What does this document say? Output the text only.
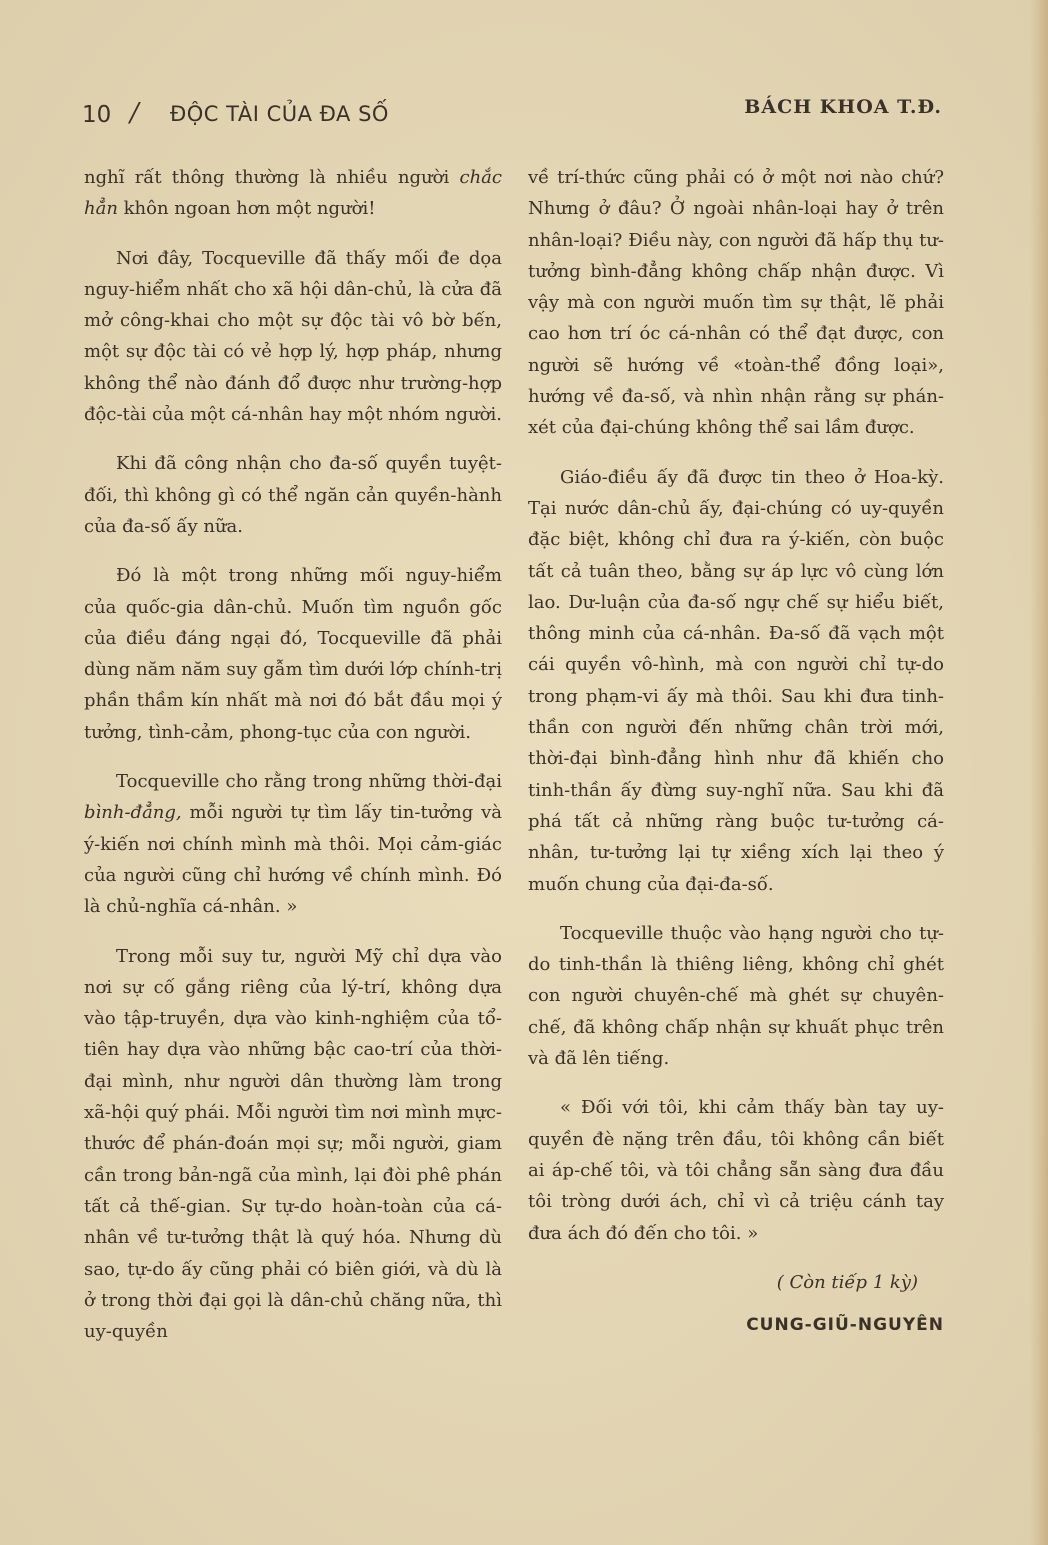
10 / ĐỘC TÀI CỦA ĐA SỐ	BÁCH KHOA T.Đ.

nghĩ rất thông thường là nhiều người chắc hẳn khôn ngoan hơn một người!

Nơi đây, Tocqueville đã thấy mối đe dọa nguy-hiểm nhất cho xã hội dân-chủ, là cửa đã mở công-khai cho một sự độc tài vô bờ bến, một sự độc tài có vẻ hợp lý, hợp pháp, nhưng không thể nào đánh đổ được như trường-hợp độc-tài của một cá-nhân hay một nhóm người.

Khi đã công nhận cho đa-số quyền tuyệt-đối, thì không gì có thể ngăn cản quyền-hành của đa-số ấy nữa.

Đó là một trong những mối nguy-hiểm của quốc-gia dân-chủ. Muốn tìm nguồn gốc của điều đáng ngại đó, Tocqueville đã phải dùng năm năm suy gẫm tìm dưới lớp chính-trị phần thầm kín nhất mà nơi đó bắt đầu mọi ý tưởng, tình-cảm, phong-tục của con người.

Tocqueville cho rằng trong những thời-đại bình-đẳng, mỗi người tự tìm lấy tin-tưởng và ý-kiến nơi chính mình mà thôi. Mọi cảm-giác của người cũng chỉ hướng về chính mình. Đó là chủ-nghĩa cá-nhân. »

Trong mỗi suy tư, người Mỹ chỉ dựa vào nơi sự cố gắng riêng của lý-trí, không dựa vào tập-truyền, dựa vào kinh-nghiệm của tổ-tiên hay dựa vào những bậc cao-trí của thời-đại mình, như người dân thường làm trong xã-hội quý phái. Mỗi người tìm nơi mình mực-thước để phán-đoán mọi sự; mỗi người, giam cần trong bản-ngã của mình, lại đòi phê phán tất cả thế-gian. Sự tự-do hoàn-toàn của cá-nhân về tư-tưởng thật là quý hóa. Nhưng dù sao, tự-do ấy cũng phải có biên giới, và dù là ở trong thời đại gọi là dân-chủ chăng nữa, thì uy-quyền

về trí-thức cũng phải có ở một nơi nào chứ? Nhưng ở đâu? Ở ngoài nhân-loại hay ở trên nhân-loại? Điều này, con người đã hấp thụ tư-tưởng bình-đẳng không chấp nhận được. Vì vậy mà con người muốn tìm sự thật, lẽ phải cao hơn trí óc cá-nhân có thể đạt được, con người sẽ hướng về «toàn-thể đồng loại», hướng về đa-số, và nhìn nhận rằng sự phán-xét của đại-chúng không thể sai lầm được.

Giáo-điều ấy đã được tin theo ở Hoa-kỳ. Tại nước dân-chủ ấy, đại-chúng có uy-quyền đặc biệt, không chỉ đưa ra ý-kiến, còn buộc tất cả tuân theo, bằng sự áp lực vô cùng lớn lao. Dư-luận của đa-số ngự chế sự hiểu biết, thông minh của cá-nhân. Đa-số đã vạch một cái quyền vô-hình, mà con người chỉ tự-do trong phạm-vi ấy mà thôi. Sau khi đưa tinh-thần con người đến những chân trời mới, thời-đại bình-đẳng hình như đã khiến cho tinh-thần ấy đừng suy-nghĩ nữa. Sau khi đã phá tất cả những ràng buộc tư-tưởng cá-nhân, tư-tưởng lại tự xiềng xích lại theo ý muốn chung của đại-đa-số.

Tocqueville thuộc vào hạng người cho tự-do tinh-thần là thiêng liêng, không chỉ ghét con người chuyên-chế mà ghét sự chuyên-chế, đã không chấp nhận sự khuất phục trên và đã lên tiếng.

« Đối với tôi, khi cảm thấy bàn tay uy-quyền đè nặng trên đầu, tôi không cần biết ai áp-chế tôi, và tôi chẳng sẵn sàng đưa đầu tôi tròng dưới ách, chỉ vì cả triệu cánh tay đưa ách đó đến cho tôi. »

( Còn tiếp 1 kỳ)
CUNG-GIŨ-NGUYÊN
